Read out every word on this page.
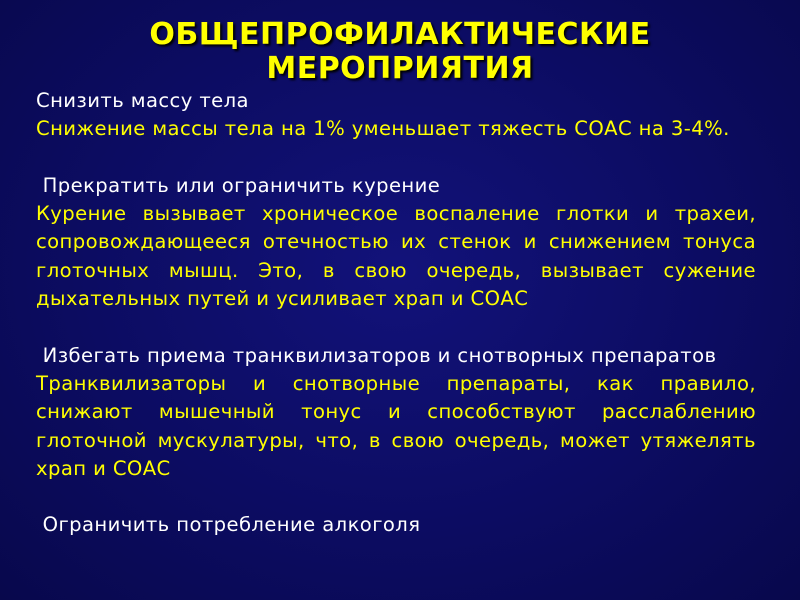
ОБЩЕПРОФИЛАКТИЧЕСКИЕ
МЕРОПРИЯТИЯ

Снизить массу тела

Снижение массы тела на 1% уменьшает тяжесть СОАС на 3-4%.

Прекратить или ограничить курение

Курение вызывает хроническое воспаление глотки и трахеи, сопровождающееся отечностью их стенок и снижением тонуса глоточных мышц. Это, в свою очередь, вызывает сужение дыхательных путей и усиливает храп и СОАС

Избегать приема транквилизаторов и снотворных препаратов

Транквилизаторы и снотворные препараты, как правило, снижают мышечный тонус и способствуют расслаблению глоточной мускулатуры, что, в свою очередь, может утяжелять храп и СОАС

Ограничить потребление алкоголя
